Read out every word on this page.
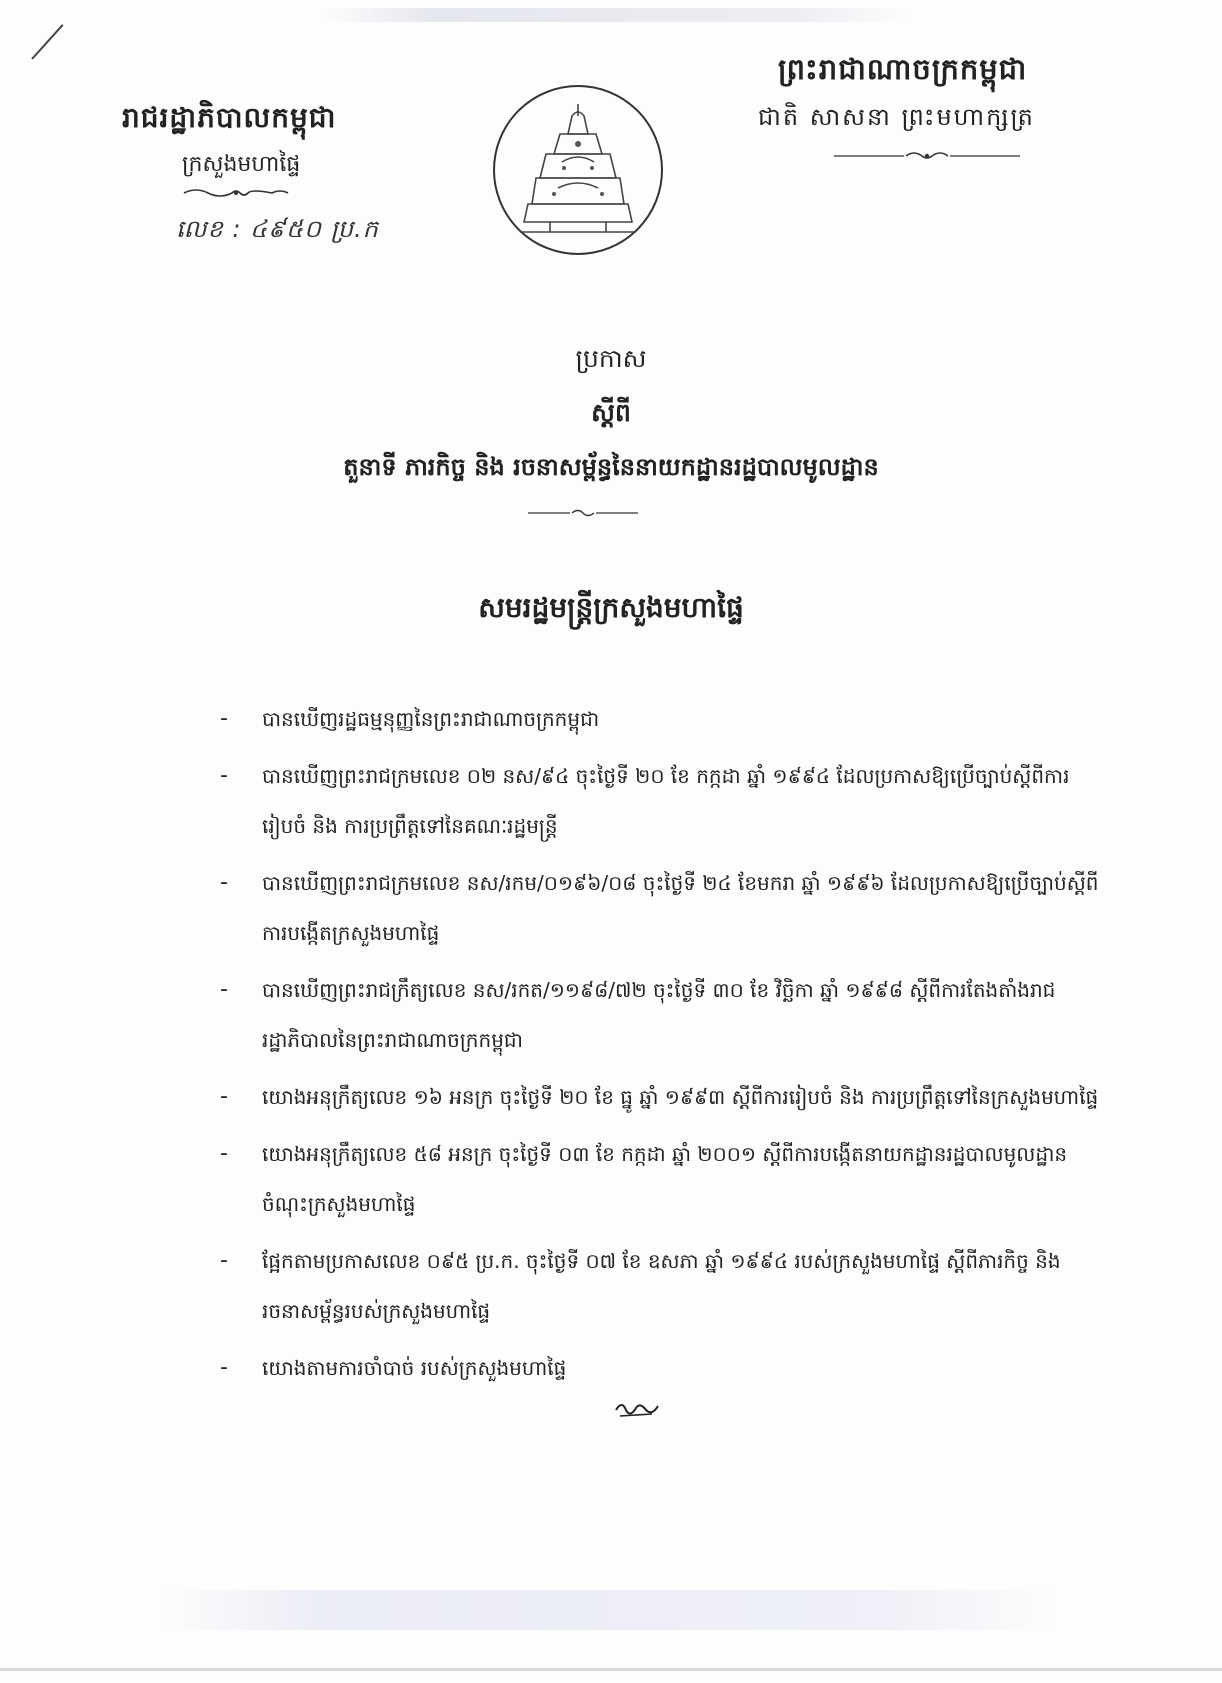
រាជរដ្ឋាភិបាលកម្ពុជា
ក្រសួងមហាផ្ទៃ
លេខ : ៤៩៥០ ប្រ.ក
ព្រះរាជាណាចក្រកម្ពុជា
ជាតិ សាសនា ព្រះមហាក្សត្រ
ប្រកាស
ស្តីពី
តួនាទី ភារកិច្ច និង រចនាសម្ព័ន្ធនៃនាយកដ្ឋានរដ្ឋបាលមូលដ្ឋាន
សមរដ្ឋមន្ត្រីក្រសួងមហាផ្ទៃ
- បានឃើញរដ្ឋធម្មនុញ្ញនៃព្រះរាជាណាចក្រកម្ពុជា
- បានឃើញព្រះរាជក្រមលេខ ០២ នស/៩៤ ចុះថ្ងៃទី ២០ ខែ កក្កដា ឆ្នាំ ១៩៩៤ ដែលប្រកាសឱ្យប្រើច្បាប់ស្តីពីការរៀបចំ និង ការប្រព្រឹត្តទៅនៃគណៈរដ្ឋមន្ត្រី
- បានឃើញព្រះរាជក្រមលេខ នស/រកម/០១៩៦/០៨ ចុះថ្ងៃទី ២៤ ខែមករា ឆ្នាំ ១៩៩៦ ដែលប្រកាសឱ្យប្រើច្បាប់ស្តីពីការបង្កើតក្រសួងមហាផ្ទៃ
- បានឃើញព្រះរាជក្រឹត្យលេខ នស/រកត/១១៩៨/៧២ ចុះថ្ងៃទី ៣០ ខែ វិច្ឆិកា ឆ្នាំ ១៩៩៨ ស្តីពីការតែងតាំងរាជរដ្ឋាភិបាលនៃព្រះរាជាណាចក្រកម្ពុជា
- យោងអនុក្រឹត្យលេខ ១៦ អនក្រ ចុះថ្ងៃទី ២០ ខែ ធ្នូ ឆ្នាំ ១៩៩៣ ស្តីពីការរៀបចំ និង ការប្រព្រឹត្តទៅនៃក្រសួងមហាផ្ទៃ
- យោងអនុក្រឹត្យលេខ ៥៨ អនក្រ ចុះថ្ងៃទី ០៣ ខែ កក្កដា ឆ្នាំ ២០០១ ស្តីពីការបង្កើតនាយកដ្ឋានរដ្ឋបាលមូលដ្ឋានចំណុះក្រសួងមហាផ្ទៃ
- ផ្អែកតាមប្រកាសលេខ ០៩៥ ប្រ.ក. ចុះថ្ងៃទី ០៧ ខែ ឧសភា ឆ្នាំ ១៩៩៤ របស់ក្រសួងមហាផ្ទៃ ស្តីពីភារកិច្ច និង រចនាសម្ព័ន្ធរបស់ក្រសួងមហាផ្ទៃ
- យោងតាមការចាំបាច់ របស់ក្រសួងមហាផ្ទៃ
